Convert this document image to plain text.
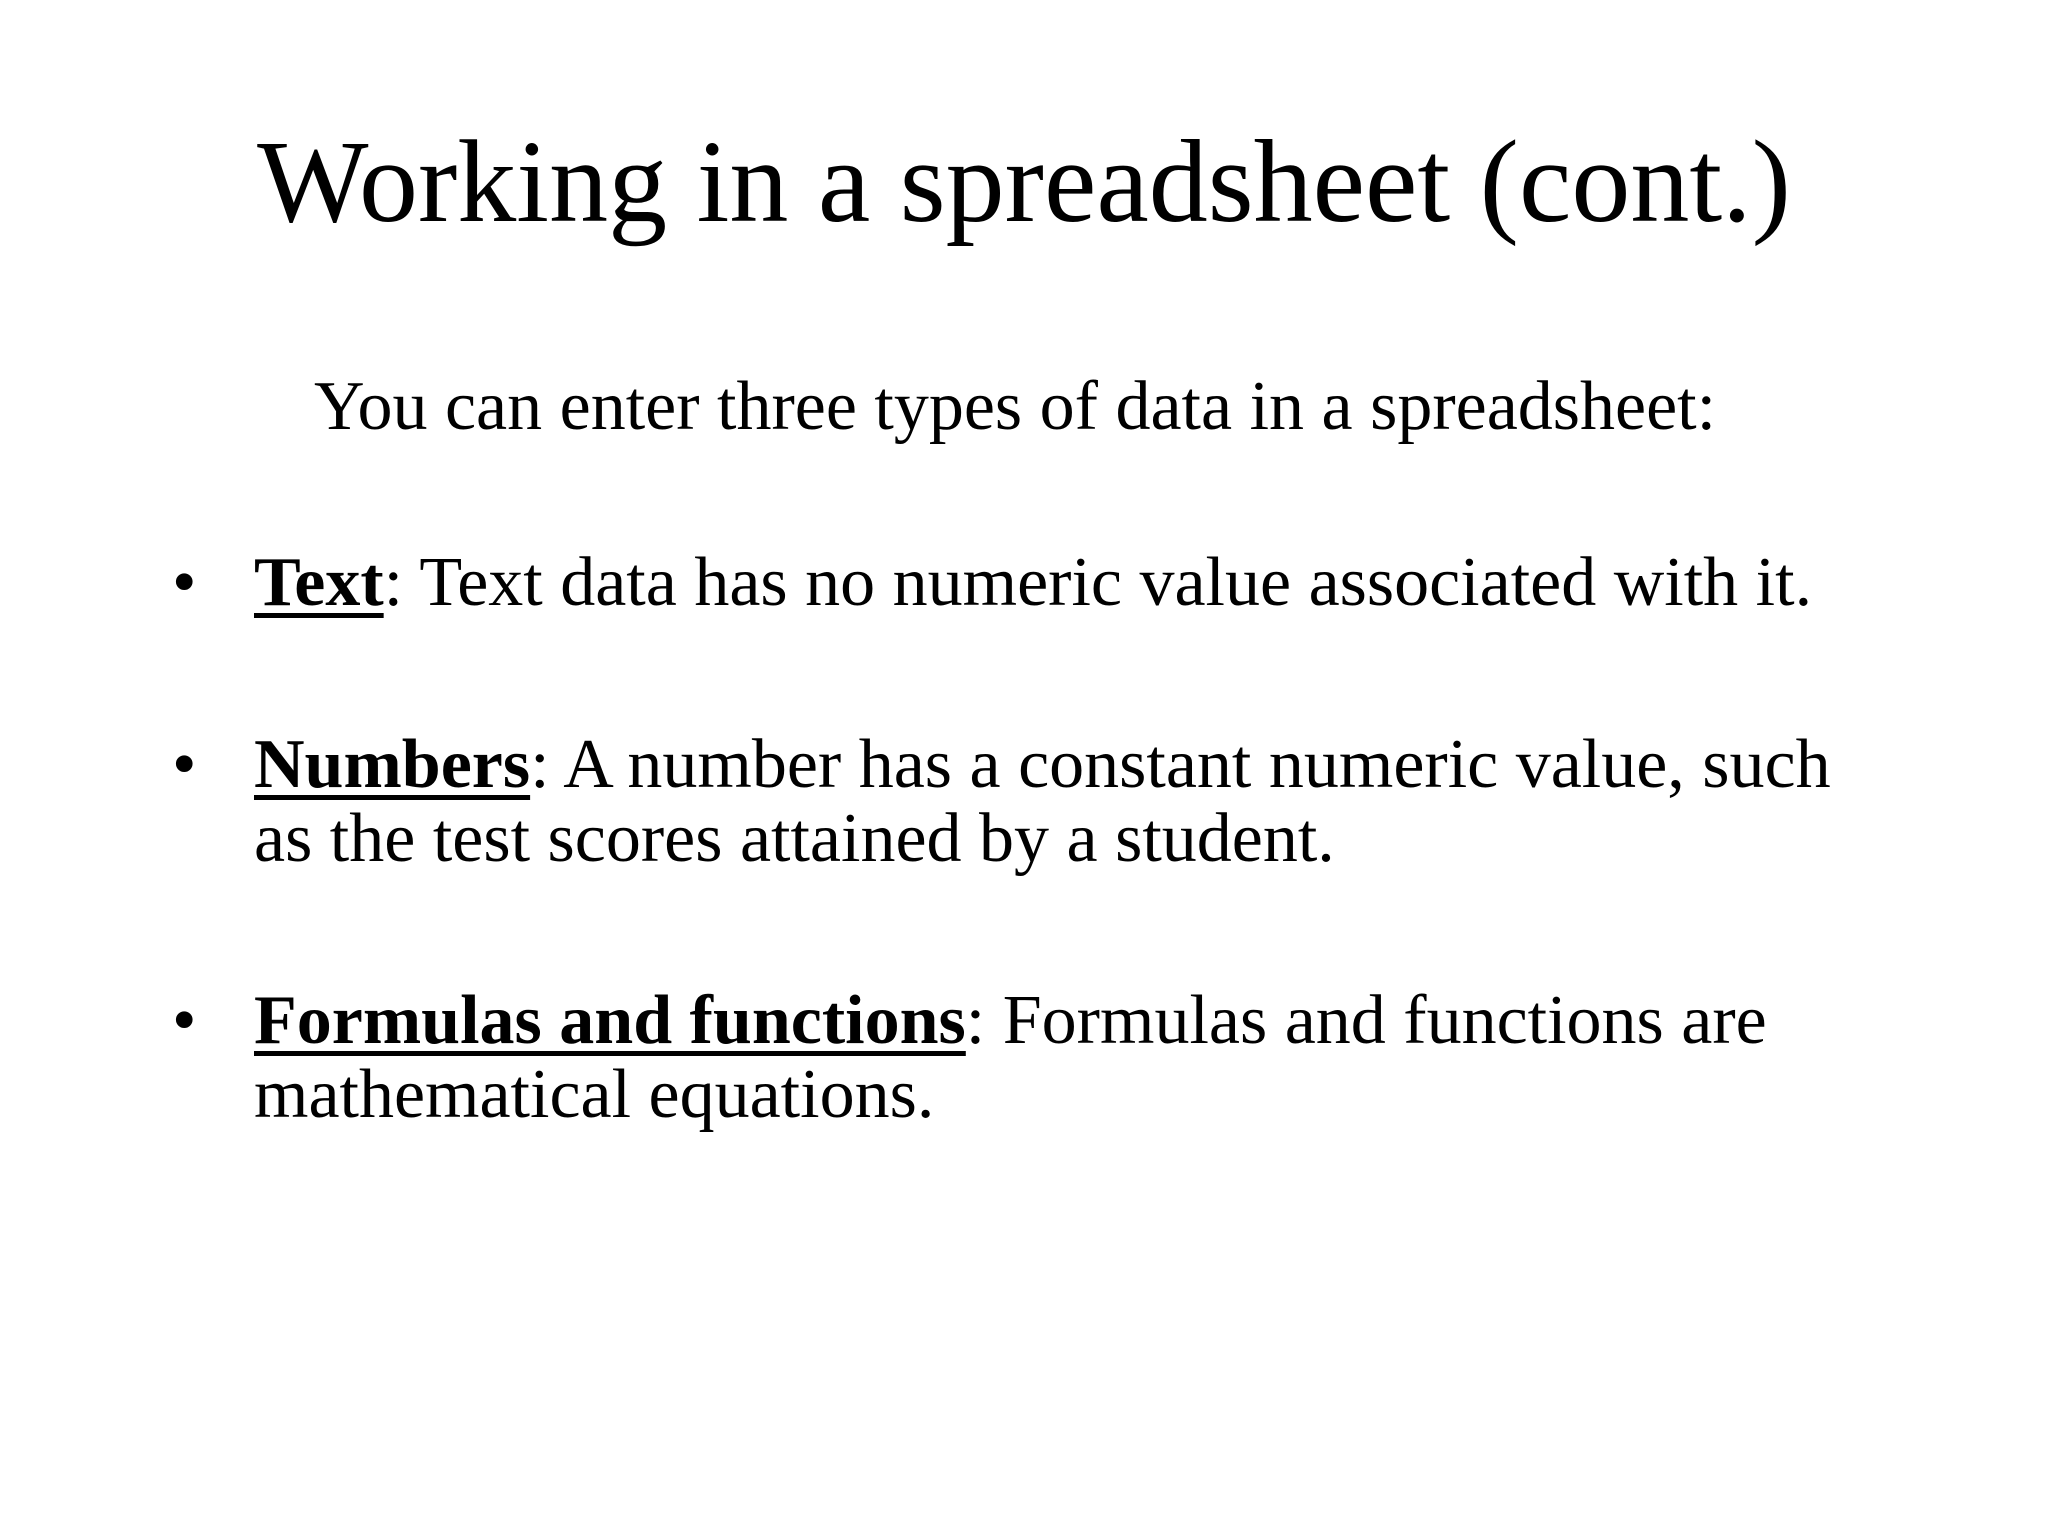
Working in a spreadsheet (cont.)
You can enter three types of data in a spreadsheet:
• Text: Text data has no numeric value associated with it.
• Numbers: A number has a constant numeric value, such as the test scores attained by a student.
• Formulas and functions: Formulas and functions are mathematical equations.
